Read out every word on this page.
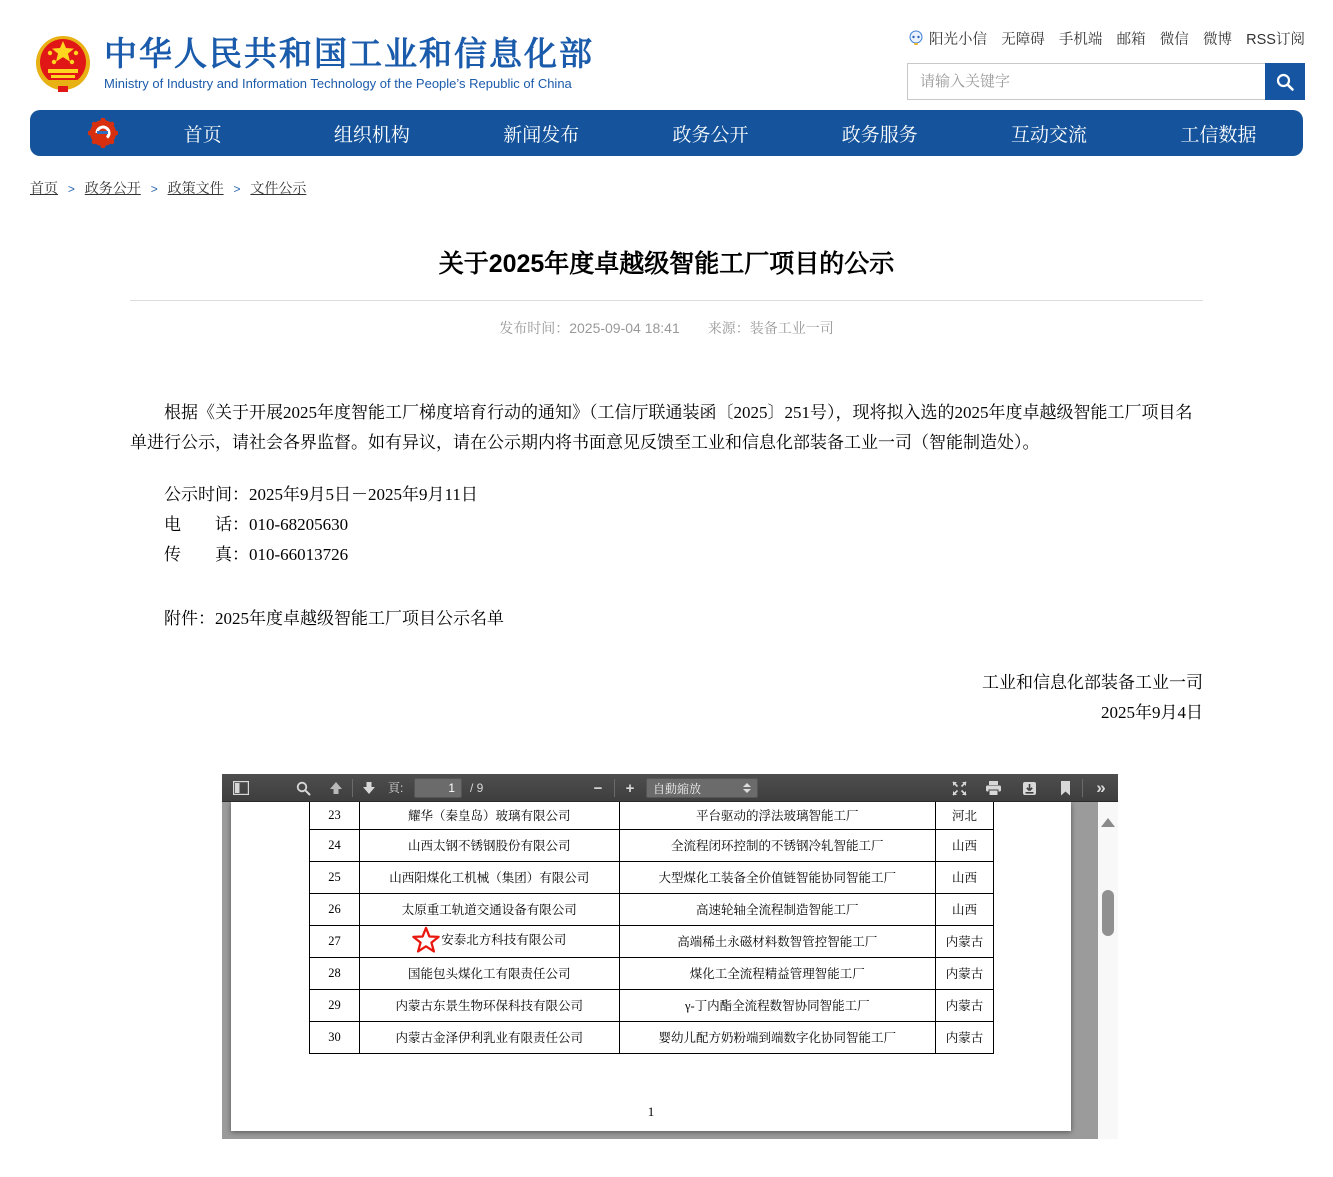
中华人民共和国工业和信息化部
Ministry of Industry and Information Technology of the People’s Republic of China
阳光小信 无障碍 手机端 邮箱 微信 微博 RSS订阅
请输入关键字
首页	组织机构	新闻发布	政务公开	政务服务	互动交流	工信数据
首页 > 政务公开 > 政策文件 > 文件公示
关于2025年度卓越级智能工厂项目的公示
发布时间：2025-09-04 18:41 来源：装备工业一司

根据《关于开展2025年度智能工厂梯度培育行动的通知》（工信厅联通装函〔2025〕251号），现将拟入选的2025年度卓越级智能工厂项目名单进行公示，请社会各界监督。如有异议，请在公示期内将书面意见反馈至工业和信息化部装备工业一司（智能制造处）。

公示时间：2025年9月5日－2025年9月11日

电　　话：010-68205630

传　　真：010-66013726

附件：2025年度卓越级智能工厂项目公示名单

工业和信息化部装备工业一司

2025年9月4日

頁:
1	/ 9	−	+	自動縮放	»
23	耀华（秦皇岛）玻璃有限公司	平台驱动的浮法玻璃智能工厂	河北
24	山西太钢不锈钢股份有限公司	全流程闭环控制的不锈钢冷轧智能工厂	山西
25	山西阳煤化工机械（集团）有限公司	大型煤化工装备全价值链智能协同智能工厂	山西
26	太原重工轨道交通设备有限公司	高速轮轴全流程制造智能工厂	山西
27	安泰北方科技有限公司	高端稀土永磁材料数智管控智能工厂	内蒙古
28	国能包头煤化工有限责任公司	煤化工全流程精益管理智能工厂	内蒙古
29	内蒙古东景生物环保科技有限公司	γ-丁内酯全流程数智协同智能工厂	内蒙古
30	内蒙古金泽伊利乳业有限责任公司	婴幼儿配方奶粉端到端数字化协同智能工厂	内蒙古
1
